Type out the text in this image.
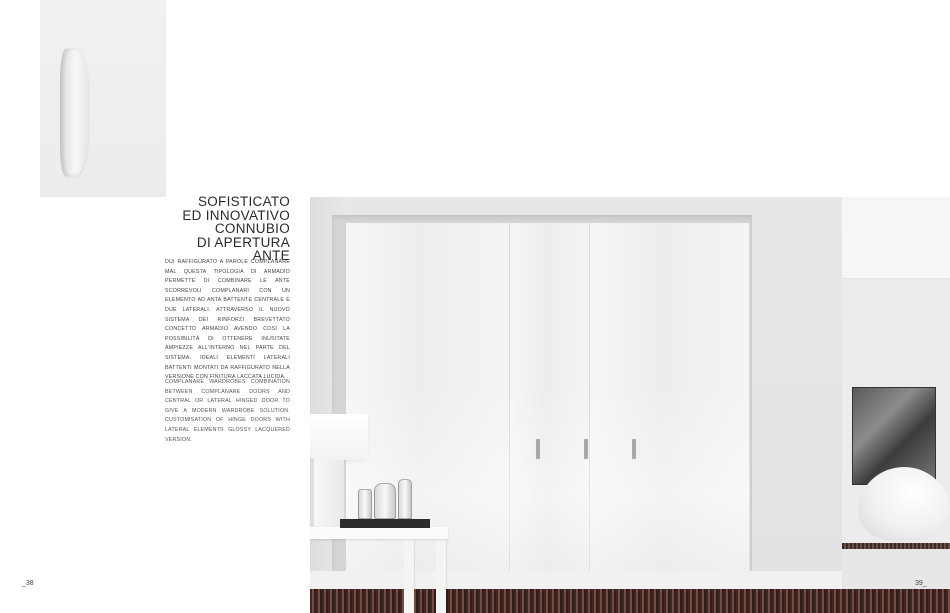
SOFISTICATO
ED INNOVATIVO
CONNUBIO
DI APERTURA
ANTE

DUI RAFFIGURATO A PAROLE COMPLANARE MAL QUESTA TIPOLOGIA DI ARMADIO PERMETTE DI COMBINARE LE ANTE SCORREVOLI COMPLANARI CON UN ELEMENTO AD ANTA BATTENTE CENTRALE E DUE LATERALI. ATTRAVERSO IL NUOVO SISTEMA DEI RINFORZI BREVETTATO CONCETTO ARMADIO AVENDO COSÌ LA POSSIBILITÀ DI OTTENERE INUSITATE AMPIEZZE ALL'INTERNO NEL PARTE DEL SISTEMA. IDEALI ELEMENTI LATERALI BATTENTI MONTATI DA RAFFIGURATO NELLA VERSIONE CON FINITURA LACCATA LUCIDA.

COMPLANARE WARDROBES COMBINATION BETWEEN COMPLANARE DOORS AND CENTRAL OR LATERAL HINGED DOOR TO GIVE A MODERN WARDROBE SOLUTION. CUSTOMISATION OF HINGE DOORS WITH LATERAL ELEMENTS GLOSSY LACQUERED VERSION.

_38	39_
